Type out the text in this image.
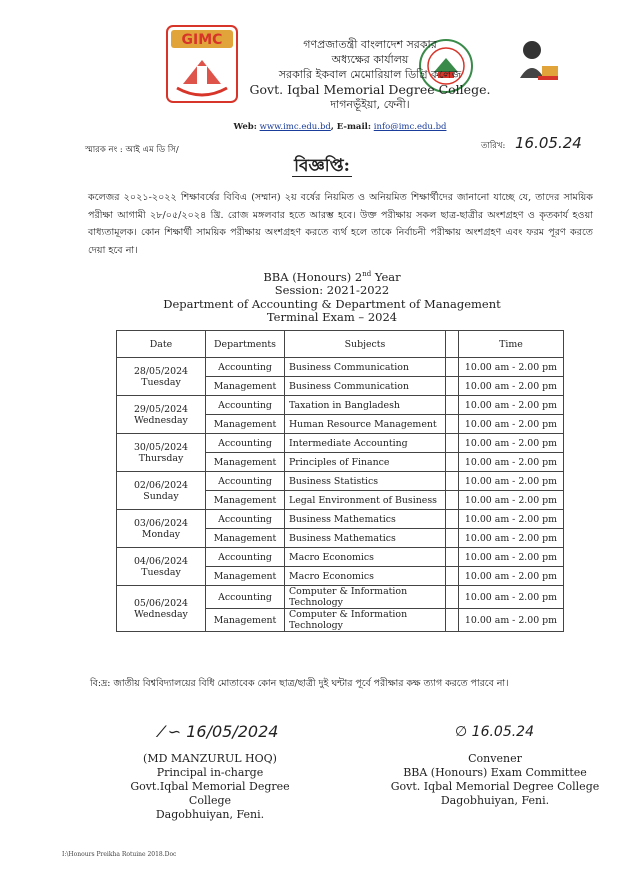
GIMC	গণপ্রজাতন্ত্রী বাংলাদেশ সরকার
অধ্যক্ষের কার্যালয়
সরকারি ইকবাল মেমোরিয়াল ডিগ্রি কলেজ
Govt. Iqbal Memorial Degree College.
দাগনভূঁইয়া, ফেনী।
Web: www.imc.edu.bd, E-mail: info@imc.edu.bd
স্মারক নং : আই এম ডি সি/	তারিখ: 16.05.24
বিজ্ঞপ্তি:
কলেজর ২০২১-২০২২ শিক্ষাবর্ষের বিবিএ (সম্মান) ২য় বর্ষের নিয়মিত ও অনিয়মিত শিক্ষার্থীদের জানানো যাচ্ছে যে, তাদের সাময়িক পরীক্ষা আগামী ২৮/০৫/২০২৪ খ্রি. রোজ মঙ্গলবার হতে আরম্ভ হবে। উক্ত পরীক্ষায় সকল ছাত্র-ছাত্রীর অংশগ্রহণ ও কৃতকার্য হওয়া বাধ্যতামূলক। কোন শিক্ষার্থী সাময়িক পরীক্ষায় অংশগ্রহণ করতে ব্যর্থ হলে তাকে নির্বাচনী পরীক্ষায় অংশগ্রহণ এবং ফরম পূরণ করতে দেয়া হবে না।
BBA (Honours) 2nd Year
Session: 2021-2022
Department of Accounting & Department of Management
Terminal Exam – 2024
Date	Departments	Subjects		Time

28/05/2024
Tuesday	Accounting	Business Communication		10.00 am - 2.00 pm
	Management	Business Communication		10.00 am - 2.00 pm

29/05/2024
Wednesday	Accounting	Taxation in Bangladesh		10.00 am - 2.00 pm
	Management	Human Resource Management		10.00 am - 2.00 pm

30/05/2024
Thursday	Accounting	Intermediate Accounting		10.00 am - 2.00 pm
	Management	Principles of Finance		10.00 am - 2.00 pm

02/06/2024
Sunday	Accounting	Business Statistics		10.00 am - 2.00 pm
	Management	Legal Environment of Business		10.00 am - 2.00 pm

03/06/2024
Monday	Accounting	Business Mathematics		10.00 am - 2.00 pm
	Management	Business Mathematics		10.00 am - 2.00 pm

04/06/2024
Tuesday	Accounting	Macro Economics		10.00 am - 2.00 pm
	Management	Macro Economics		10.00 am - 2.00 pm

05/06/2024
Wednesday	Accounting	Computer & Information Technology		10.00 am - 2.00 pm
	Management	Computer & Information Technology		10.00 am - 2.00 pm
বি:দ্র: জাতীয় বিশ্ববিদ্যালয়ের বিধি মোতাবেক কোন ছাত্র/ছাত্রী দুই ঘন্টার পূর্বে পরীক্ষার কক্ষ ত্যাগ করতে পারবে না।
⁄ ∽ 16/05/2024
(MD MANZURUL HOQ)
Principal in-charge
Govt.Iqbal Memorial Degree College
Dagobhuiyan, Feni.
∅ 16.05.24
Convener
BBA (Honours) Exam Committee
Govt. Iqbal Memorial Degree College
Dagobhuiyan, Feni.
I:\Honours Preikha Rotuine 2018.Doc
